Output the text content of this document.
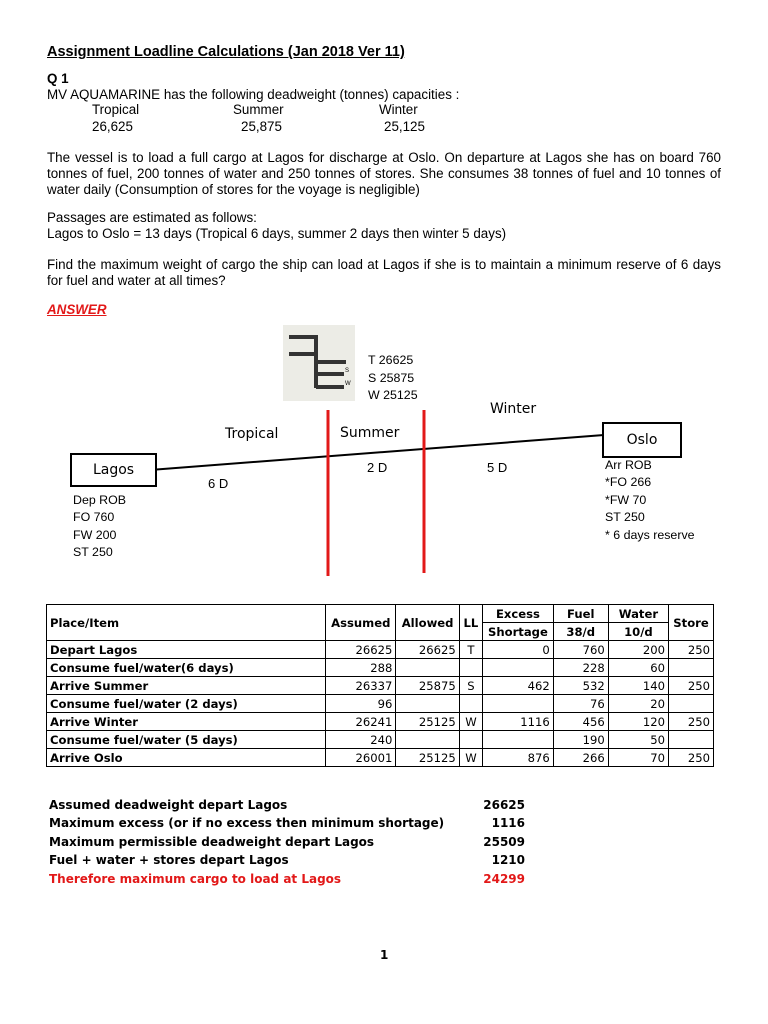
Assignment Loadline Calculations (Jan 2018 Ver 11)
Q 1
MV AQUAMARINE has the following deadweight (tonnes) capacities :
Tropical	Summer	Winter
26,625	25,875	25,125
The vessel is to load a full cargo at Lagos for discharge at Oslo. On departure at Lagos she has on board 760 tonnes of fuel, 200 tonnes of water and 250 tonnes of stores. She consumes 38 tonnes of fuel and 10 tonnes of water daily (Consumption of stores for the voyage is negligible)
Passages are estimated as follows:
Lagos to Oslo = 13 days (Tropical 6 days, summer 2 days then winter 5 days)
Find the maximum weight of cargo the ship can load at Lagos if she is to maintain a minimum reserve of 6 days for fuel and water at all times?
ANSWER
S
W
T 26625
S 25875
W 25125
Tropical	Summer
Winter
Lagos
Oslo
6 D
2 D	5 D
Dep ROB
FO 760
FW 200
ST 250
Arr ROB
*FO 266
*FW 70
ST 250
* 6 days reserve
Place/Item	Assumed	Allowed	LL	Excess	Fuel	Water	Store
				Shortage	38/d	10/d	
Depart Lagos	26625	26625	T	0	760	200	250
Consume fuel/water(6 days)	288				228	60	
Arrive Summer	26337	25875	S	462	532	140	250
Consume fuel/water (2 days)	96				76	20	
Arrive Winter	26241	25125	W	1116	456	120	250
Consume fuel/water (5 days)	240				190	50	
Arrive Oslo	26001	25125	W	876	266	70	250
Assumed deadweight depart Lagos	26625
Maximum excess (or if no excess then minimum shortage)	1116
Maximum permissible deadweight depart Lagos	25509
Fuel + water + stores depart Lagos	1210
Therefore maximum cargo to load at Lagos	24299
1
